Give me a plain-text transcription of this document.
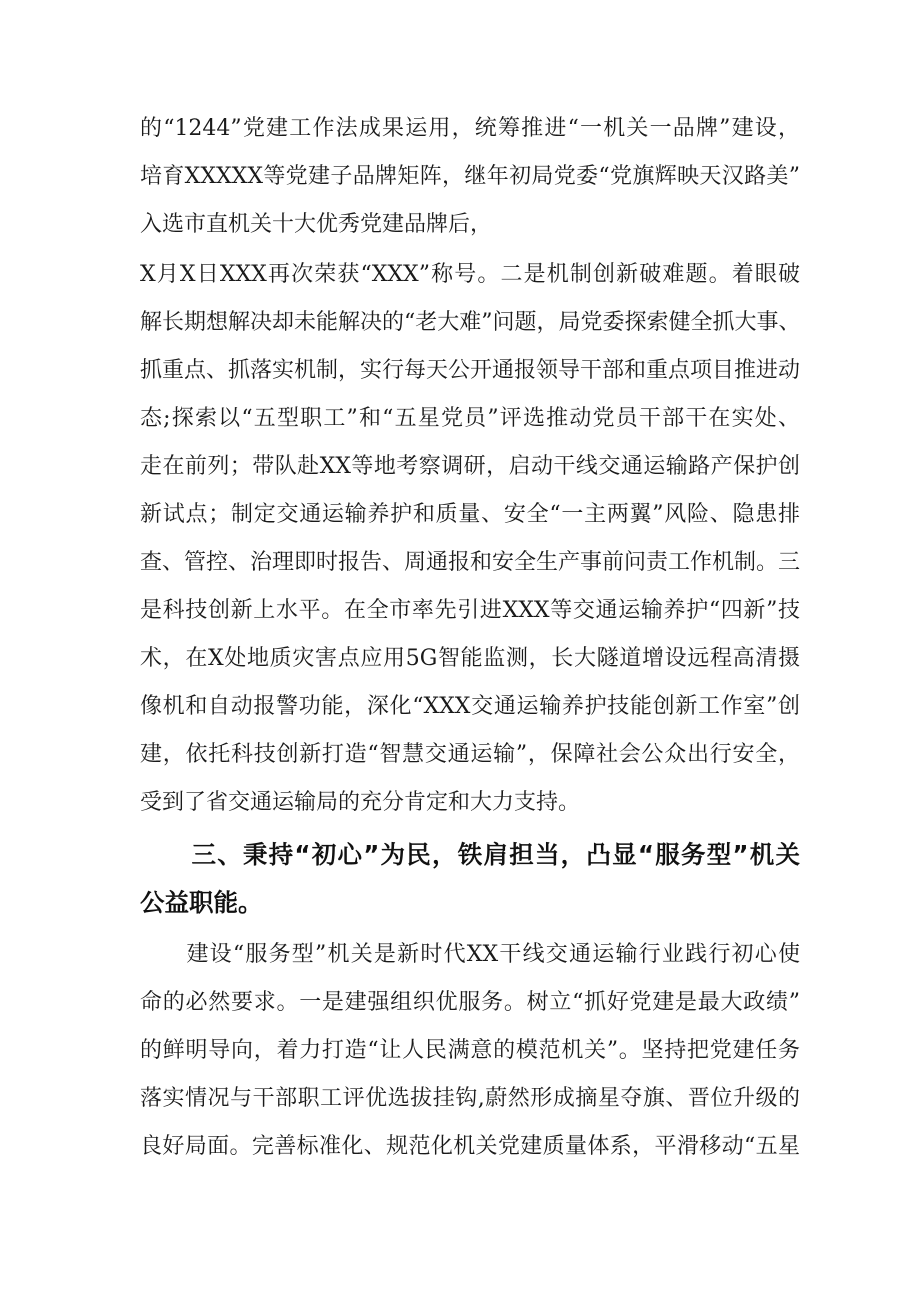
的“1244”党建工作法成果运用，统筹推进“一机关一品牌”建设，
培育XXXXX等党建子品牌矩阵，继年初局党委“党旗辉映天汉路美”
入选市直机关十大优秀党建品牌后，
X月X日XXX再次荣获“XXX”称号。二是机制创新破难题。着眼破
解长期想解决却未能解决的“老大难”问题，局党委探索健全抓大事、
抓重点、抓落实机制，实行每天公开通报领导干部和重点项目推进动
态;探索以“五型职工”和“五星党员”评选推动党员干部干在实处、
走在前列；带队赴XX等地考察调研，启动干线交通运输路产保护创
新试点；制定交通运输养护和质量、安全“一主两翼”风险、隐患排
查、管控、治理即时报告、周通报和安全生产事前问责工作机制。三
是科技创新上水平。在全市率先引进XXX等交通运输养护“四新”技
术，在X处地质灾害点应用5G智能监测，长大隧道增设远程高清摄
像机和自动报警功能，深化“XXX交通运输养护技能创新工作室”创
建，依托科技创新打造“智慧交通运输”，保障社会公众出行安全，
受到了省交通运输局的充分肯定和大力支持。
　　三、秉持“初心”为民，铁肩担当，凸显“服务型”机关
公益职能。
　　建设“服务型”机关是新时代XX干线交通运输行业践行初心使
命的必然要求。一是建强组织优服务。树立“抓好党建是最大政绩”
的鲜明导向，着力打造“让人民满意的模范机关”。坚持把党建任务
落实情况与干部职工评优选拔挂钩,蔚然形成摘星夺旗、晋位升级的
良好局面。完善标准化、规范化机关党建质量体系，平滑移动“五星
